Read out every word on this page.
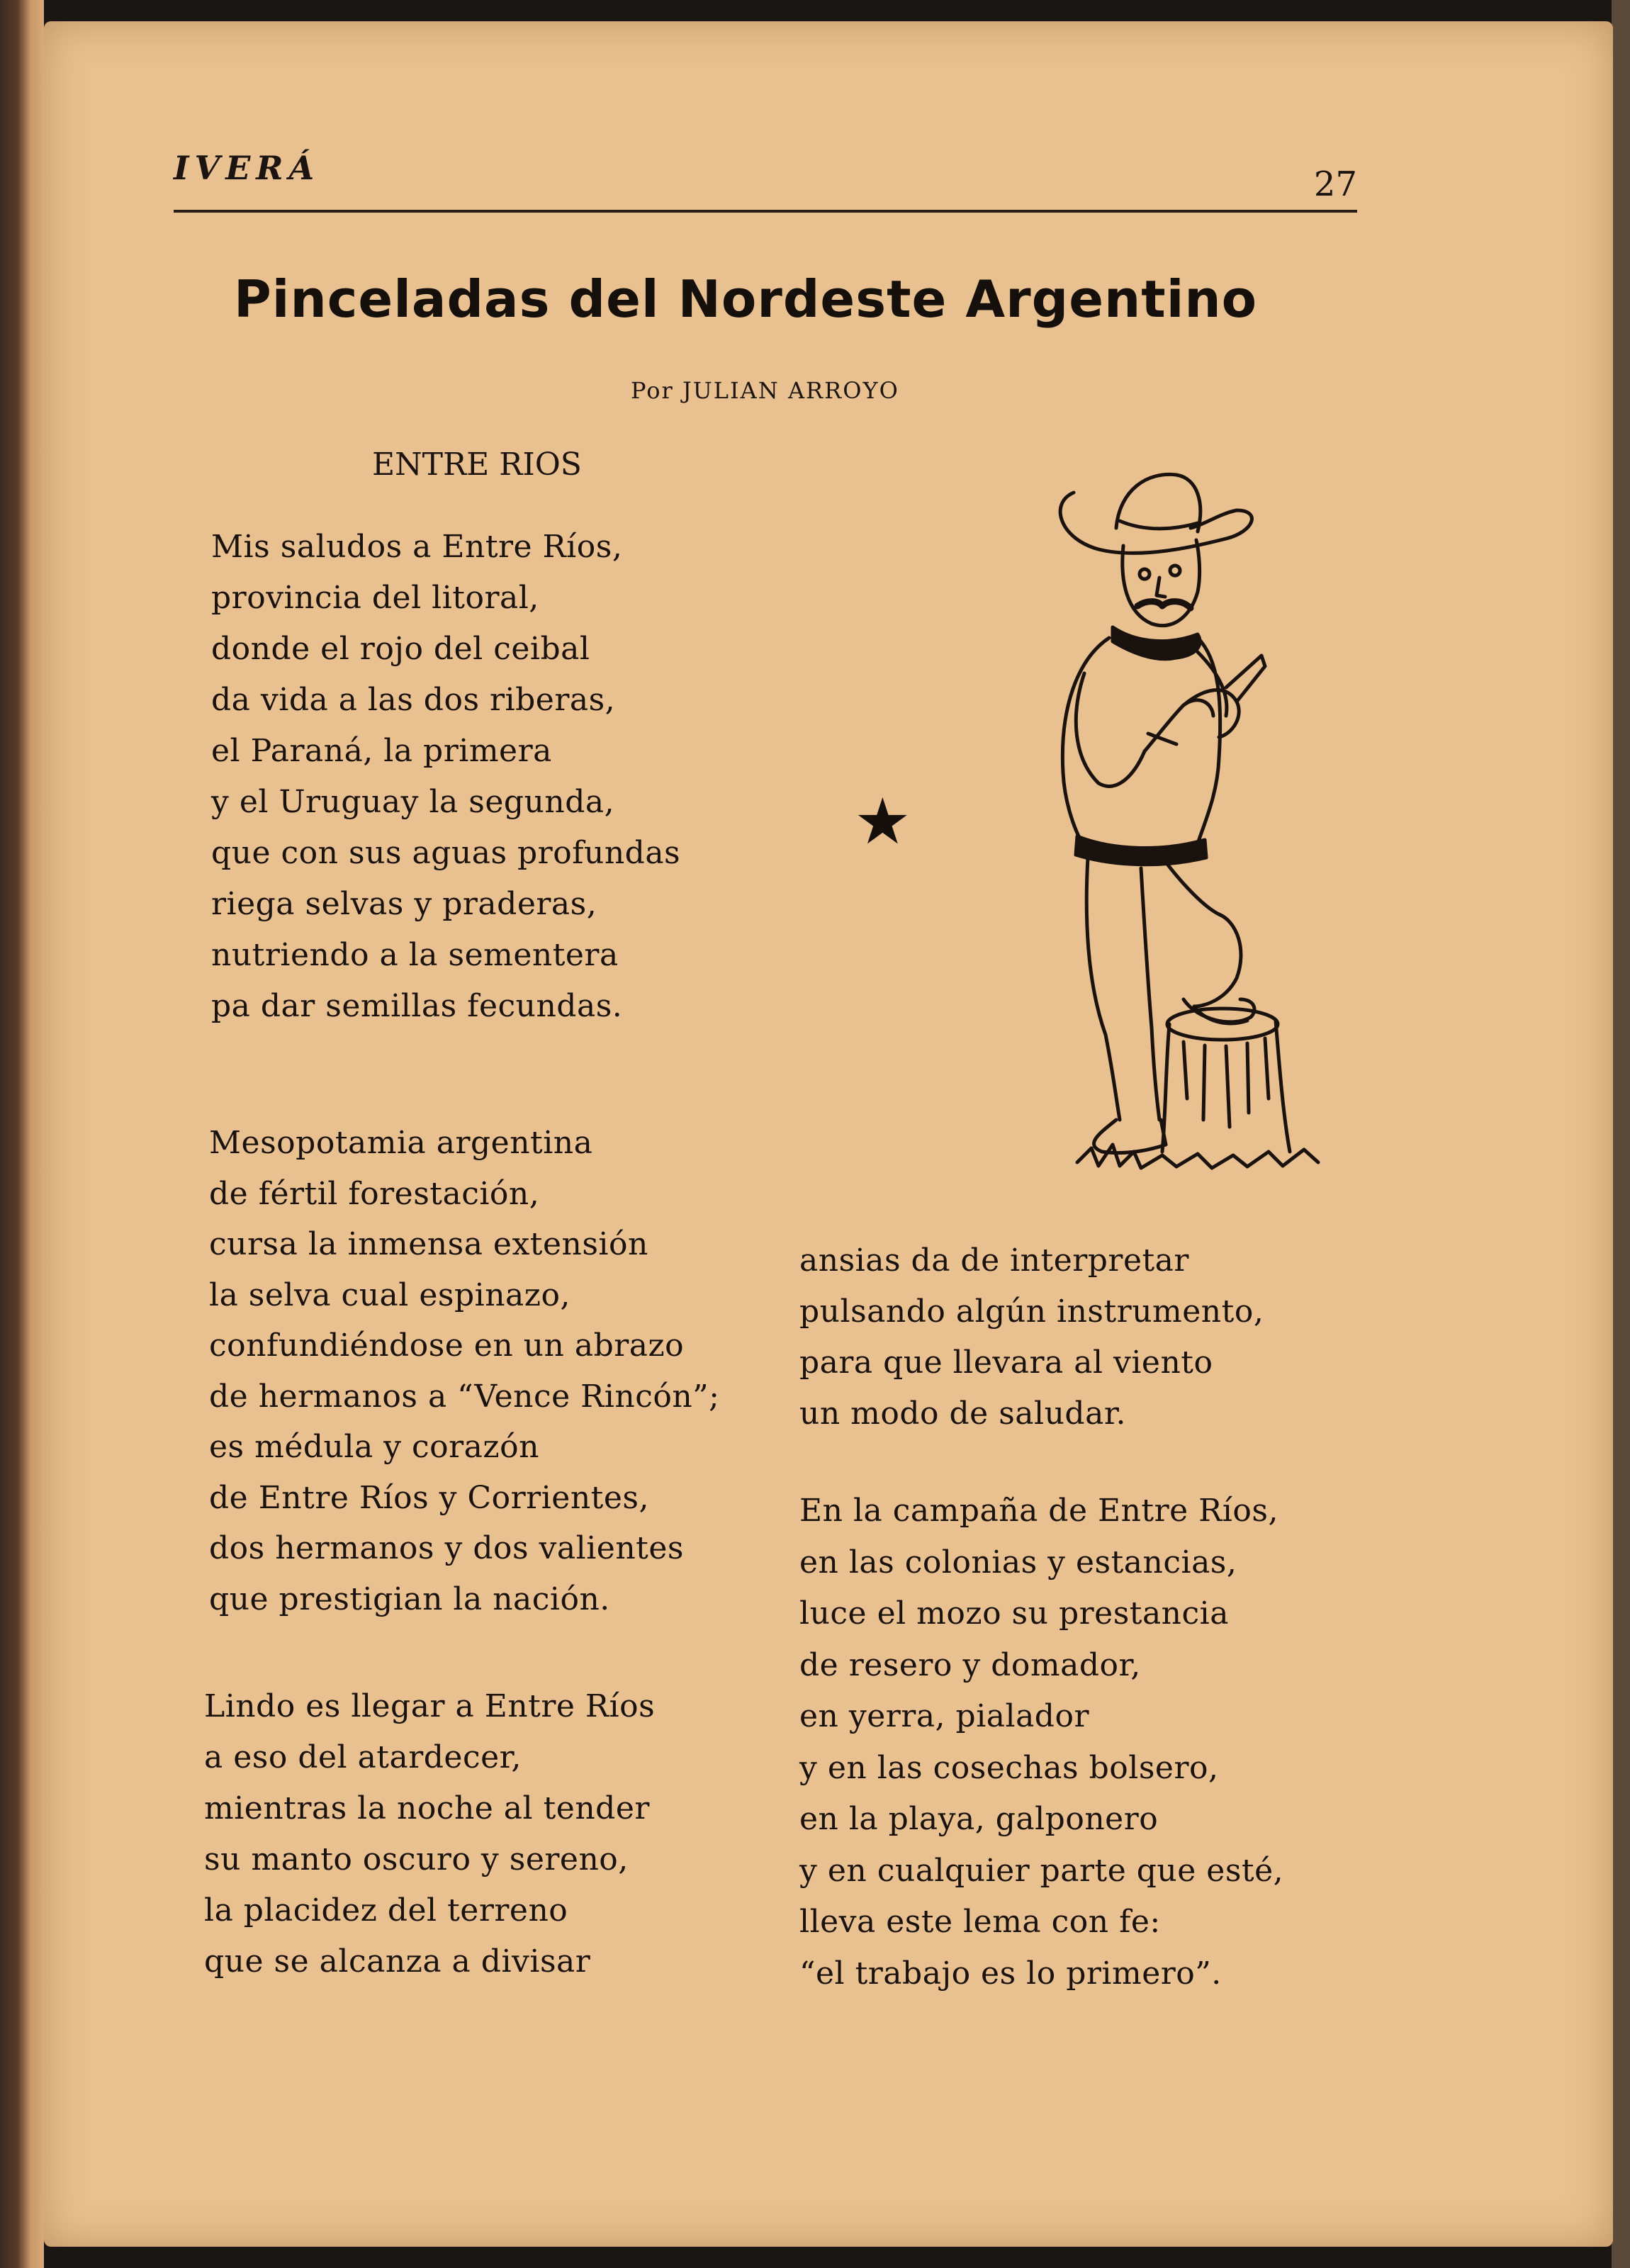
IVERÁ	27
Pinceladas del Nordeste Argentino
Por JULIAN ARROYO
ENTRE RIOS
Mis saludos a Entre Ríos,
provincia del litoral,
donde el rojo del ceibal
da vida a las dos riberas,
el Paraná, la primera
y el Uruguay la segunda,
que con sus aguas profundas
riega selvas y praderas,
nutriendo a la sementera
pa dar semillas fecundas.
Mesopotamia argentina
de fértil forestación,
cursa la inmensa extensión
la selva cual espinazo,
confundiéndose en un abrazo
de hermanos a “Vence Rincón”;
es médula y corazón
de Entre Ríos y Corrientes,
dos hermanos y dos valientes
que prestigian la nación.
Lindo es llegar a Entre Ríos
a eso del atardecer,
mientras la noche al tender
su manto oscuro y sereno,
la placidez del terreno
que se alcanza a divisar
ansias da de interpretar
pulsando algún instrumento,
para que llevara al viento
un modo de saludar.
En la campaña de Entre Ríos,
en las colonias y estancias,
luce el mozo su prestancia
de resero y domador,
en yerra, pialador
y en las cosechas bolsero,
en la playa, galponero
y en cualquier parte que esté,
lleva este lema con fe:
“el trabajo es lo primero”.
★
